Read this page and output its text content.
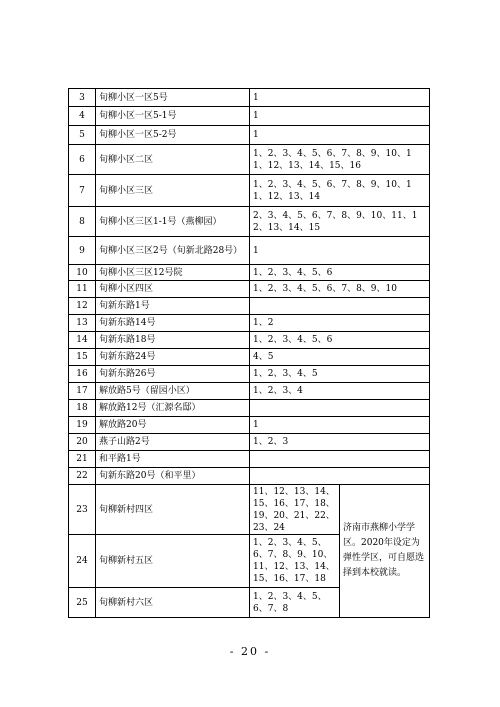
3	旬柳小区一区5号	1	
4	旬柳小区一区5-1号	1	
5	旬柳小区一区5-2号	1	
6	旬柳小区二区	1、2、3、4、5、6、7、8、9、10、11、12、13、14、15、16	
7	旬柳小区三区	1、2、3、4、5、6、7、8、9、10、11、12、13、14	
8	旬柳小区三区1-1号（燕柳园）	2、3、4、5、6、7、8、9、10、11、12、13、14、15	
9	旬柳小区三区2号（旬新北路28号）	1	
10	旬柳小区三区12号院	1、2、3、4、5、6	
11	旬柳小区四区	1、2、3、4、5、6、7、8、9、10	
12	旬新东路1号		
13	旬新东路14号	1、2	
14	旬新东路18号	1、2、3、4、5、6	
15	旬新东路24号	4、5	
16	旬新东路26号	1、2、3、4、5	
17	解放路5号（留园小区）	1、2、3、4	
18	解放路12号（汇源名邸）		
19	解放路20号	1	
20	燕子山路2号	1、2、3	
21	和平路1号		
22	旬新东路20号（和平里）		
23	旬柳新村四区	11、12、13、14、15、16、17、18、19、20、21、22、23、24	济南市燕柳小学学区。2020年设定为弹性学区，可自愿选择到本校就读。
24	旬柳新村五区	1、2、3、4、5、6、7、8、9、10、11、12、13、14、15、16、17、18	
25	旬柳新村六区	1、2、3、4、5、6、7、8	
- 20 -
